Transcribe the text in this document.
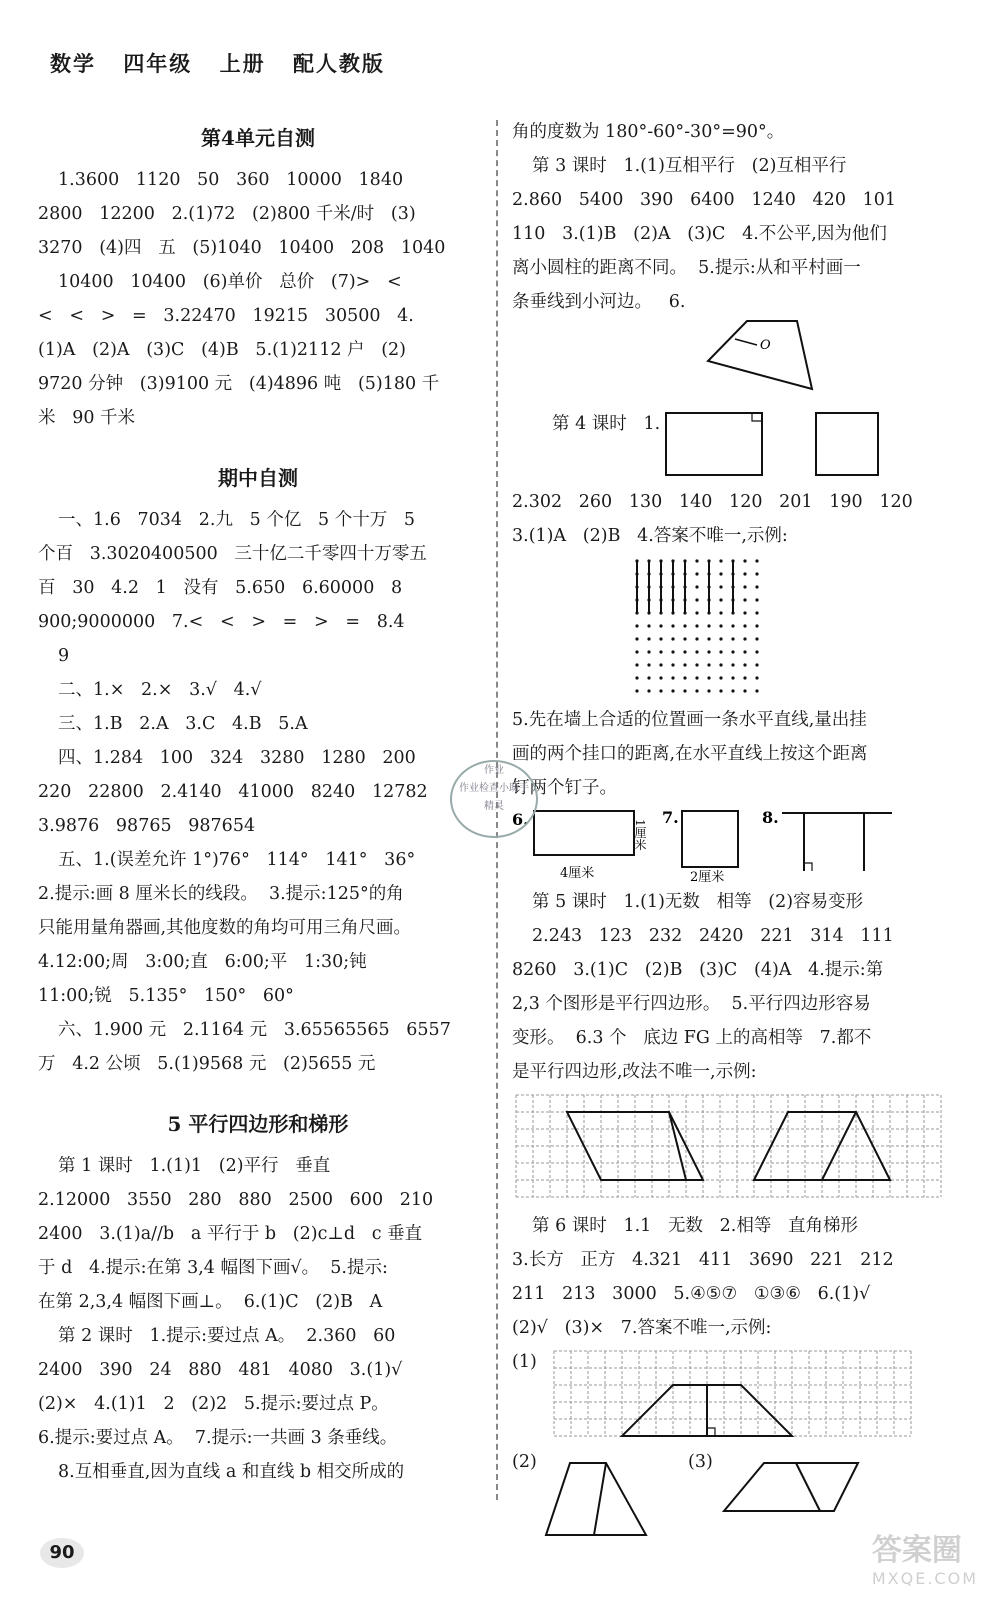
数学 四年级 上册 配人教版
第4单元自测

1.3600   1120   50   360   10000   1840

2800   12200   2.(1)72   (2)800 千米/时   (3)

3270   (4)四   五   (5)1040   10400   208   1040

10400   10400   (6)单价   总价   (7)>   <

<   <   >   =   3.22470   19215   30500   4.

(1)A   (2)A   (3)C   (4)B   5.(1)2112 户   (2)

9720 分钟   (3)9100 元   (4)4896 吨   (5)180 千

米   90 千米

期中自测

一、1.6   7034   2.九   5 个亿   5 个十万   5

个百   3.3020400500   三十亿二千零四十万零五

百   30   4.2   1   没有   5.650   6.60000   8

900;9000000   7.<   <   >   =   >   =   8.4

9

二、1.×   2.×   3.√   4.√

三、1.B   2.A   3.C   4.B   5.A

四、1.284   100   324   3280   1280   200

220   22800   2.4140   41000   8240   12782

3.9876   98765   987654

五、1.(误差允许 1°)76°   114°   141°   36°

2.提示:画 8 厘米长的线段。  3.提示:125°的角

只能用量角器画,其他度数的角均可用三角尺画。

4.12:00;周   3:00;直   6:00;平   1:30;钝

11:00;锐   5.135°   150°   60°

六、1.900 元   2.1164 元   3.65565565   6557

万   4.2 公顷   5.(1)9568 元   (2)5655 元

5 平行四边形和梯形

第 1 课时   1.(1)1   (2)平行   垂直

2.12000   3550   280   880   2500   600   210

2400   3.(1)a//b   a 平行于 b   (2)c⊥d   c 垂直

于 d   4.提示:在第 3,4 幅图下画√。  5.提示:

在第 2,3,4 幅图下画⊥。  6.(1)C   (2)B   A

第 2 课时   1.提示:要过点 A。  2.360   60

2400   390   24   880   481   4080   3.(1)√

(2)×   4.(1)1   2   (2)2   5.提示:要过点 P。

6.提示:要过点 A。  7.提示:一共画 3 条垂线。

8.互相垂直,因为直线 a 和直线 b 相交所成的

角的度数为 180°-60°-30°=90°。

第 3 课时   1.(1)互相平行   (2)互相平行

2.860   5400   390   6400   1240   420   101

110   3.(1)B   (2)A   (3)C   4.不公平,因为他们

离小圆柱的距离不同。  5.提示:从和平村画一

条垂线到小河边。   6.

O
第 4 课时   1.

2.302   260   130   140   120   201   190   120

3.(1)A   (2)B   4.答案不唯一,示例:

5.先在墙上合适的位置画一条水平直线,量出挂

画的两个挂口的距离,在水平直线上按这个距离

钉两个钉子。

6.
4厘米
1厘米
7.
2厘米
8.

第 5 课时   1.(1)无数   相等   (2)容易变形

2.243   123   232   2420   221   314   111

8260   3.(1)C   (2)B   (3)C   (4)A   4.提示:第

2,3 个图形是平行四边形。  5.平行四边形容易

变形。  6.3 个   底边 FG 上的高相等   7.都不

是平行四边形,改法不唯一,示例:

第 6 课时   1.1   无数   2.相等   直角梯形

3.长方   正方   4.321   411   3690   221   212

211   213   3000   5.④⑤⑦   ①③⑥   6.(1)√

(2)√   (3)×   7.答案不唯一,示例:

(1)
(2)	(3)
作业
作业检查小助手
精灵
90	答案圈
MXQE.COM
